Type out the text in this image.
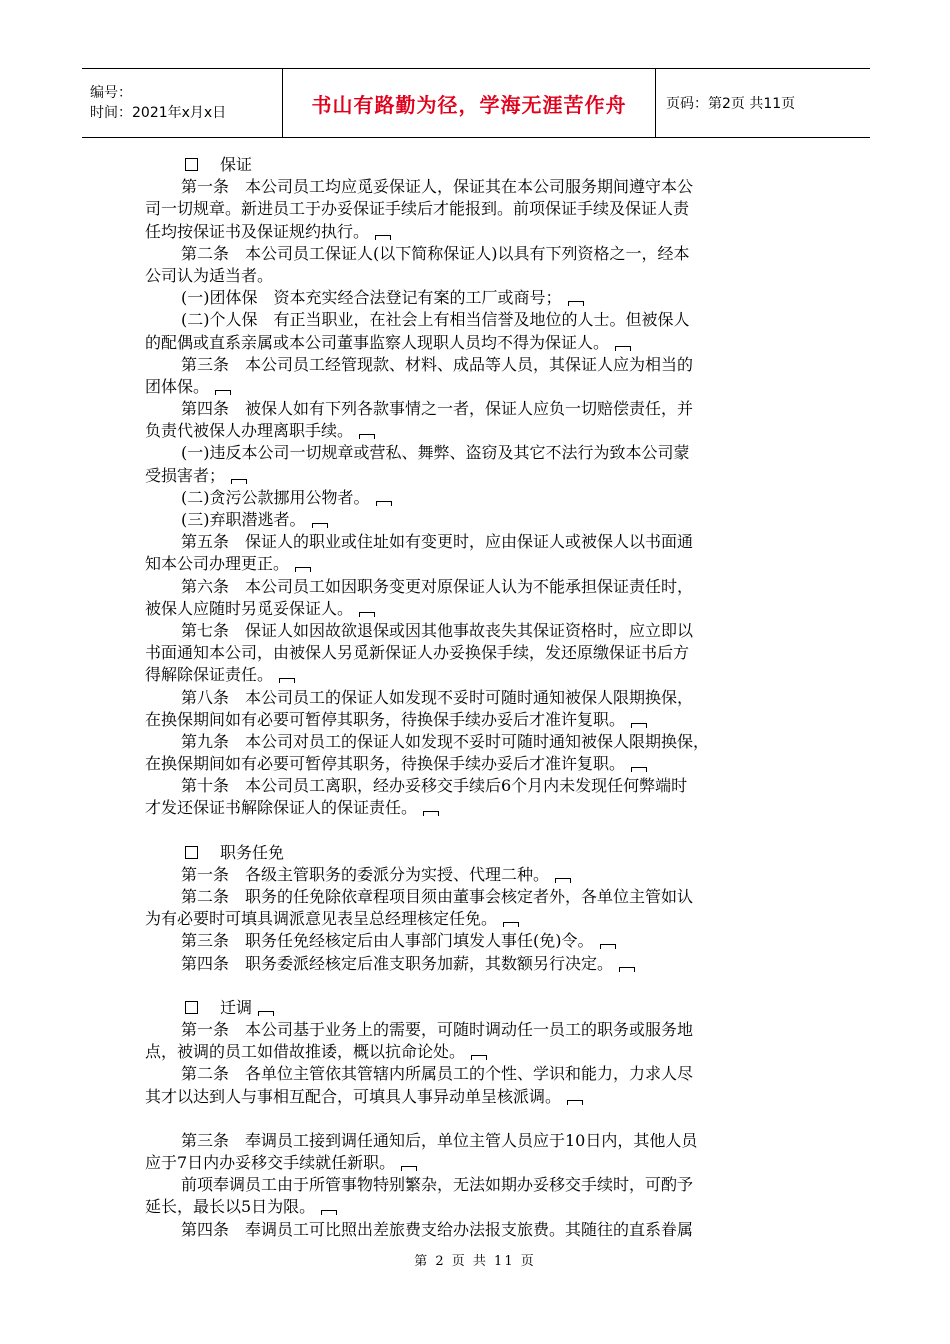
编号：
时间：2021年x月x日	书山有路勤为径，学海无涯苦作舟	页码：第2页 共11页
保证
第一条　本公司员工均应觅妥保证人，保证其在本公司服务期间遵守本公
司一切规章。新进员工于办妥保证手续后才能报到。前项保证手续及保证人责
任均按保证书及保证规约执行。
第二条　本公司员工保证人(以下简称保证人)以具有下列资格之一，经本
公司认为适当者。
(一)团体保　资本充实经合法登记有案的工厂或商号；
(二)个人保　有正当职业，在社会上有相当信誉及地位的人士。但被保人
的配偶或直系亲属或本公司董事监察人现职人员均不得为保证人。
第三条　本公司员工经管现款、材料、成品等人员，其保证人应为相当的
团体保。
第四条　被保人如有下列各款事情之一者，保证人应负一切赔偿责任，并
负责代被保人办理离职手续。
(一)违反本公司一切规章或营私、舞弊、盗窃及其它不法行为致本公司蒙
受损害者；
(二)贪污公款挪用公物者。
(三)弃职潜逃者。
第五条　保证人的职业或住址如有变更时，应由保证人或被保人以书面通
知本公司办理更正。
第六条　本公司员工如因职务变更对原保证人认为不能承担保证责任时，
被保人应随时另觅妥保证人。
第七条　保证人如因故欲退保或因其他事故丧失其保证资格时，应立即以
书面通知本公司，由被保人另觅新保证人办妥换保手续，发还原缴保证书后方
得解除保证责任。
第八条　本公司员工的保证人如发现不妥时可随时通知被保人限期换保，
在换保期间如有必要可暂停其职务，待换保手续办妥后才准许复职。
第九条　本公司对员工的保证人如发现不妥时可随时通知被保人限期换保，
在换保期间如有必要可暂停其职务，待换保手续办妥后才准许复职。
第十条　本公司员工离职，经办妥移交手续后6个月内未发现任何弊端时
才发还保证书解除保证人的保证责任。
职务任免
第一条　各级主管职务的委派分为实授、代理二种。
第二条　职务的任免除依章程项目须由董事会核定者外，各单位主管如认
为有必要时可填具调派意见表呈总经理核定任免。
第三条　职务任免经核定后由人事部门填发人事任(免)令。
第四条　职务委派经核定后准支职务加薪，其数额另行决定。
迁调
第一条　本公司基于业务上的需要，可随时调动任一员工的职务或服务地
点，被调的员工如借故推诿，概以抗命论处。
第二条　各单位主管依其管辖内所属员工的个性、学识和能力，力求人尽
其才以达到人与事相互配合，可填具人事异动单呈核派调。
第三条　奉调员工接到调任通知后，单位主管人员应于10日内，其他人员
应于7日内办妥移交手续就任新职。
前项奉调员工由于所管事物特别繁杂，无法如期办妥移交手续时，可酌予
延长，最长以5日为限。
第四条　奉调员工可比照出差旅费支给办法报支旅费。其随往的直系眷属
第 2 页 共 11 页
